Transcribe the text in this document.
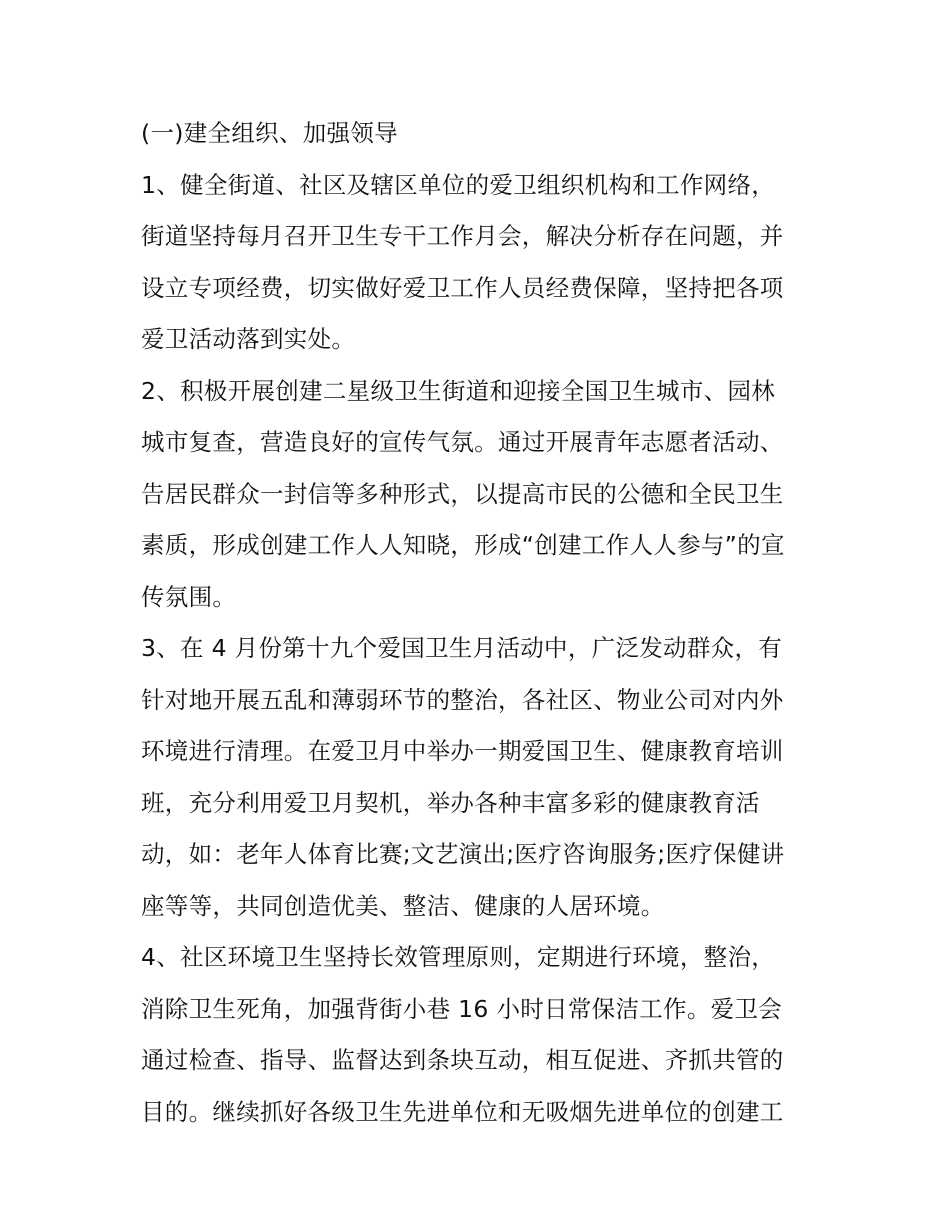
(一)建全组织、加强领导
1、健全街道、社区及辖区单位的爱卫组织机构和工作网络，
街道坚持每月召开卫生专干工作月会，解决分析存在问题，并
设立专项经费，切实做好爱卫工作人员经费保障，坚持把各项
爱卫活动落到实处。
2、积极开展创建二星级卫生街道和迎接全国卫生城市、园林
城市复查，营造良好的宣传气氛。通过开展青年志愿者活动、
告居民群众一封信等多种形式，以提高市民的公德和全民卫生
素质，形成创建工作人人知晓，形成“创建工作人人参与”的宣
传氛围。
3、在 4 月份第十九个爱国卫生月活动中，广泛发动群众，有
针对地开展五乱和薄弱环节的整治，各社区、物业公司对内外
环境进行清理。在爱卫月中举办一期爱国卫生、健康教育培训
班，充分利用爱卫月契机，举办各种丰富多彩的健康教育活
动，如：老年人体育比赛;文艺演出;医疗咨询服务;医疗保健讲
座等等，共同创造优美、整洁、健康的人居环境。
4、社区环境卫生坚持长效管理原则，定期进行环境，整治，
消除卫生死角，加强背街小巷 16 小时日常保洁工作。爱卫会
通过检查、指导、监督达到条块互动，相互促进、齐抓共管的
目的。继续抓好各级卫生先进单位和无吸烟先进单位的创建工
